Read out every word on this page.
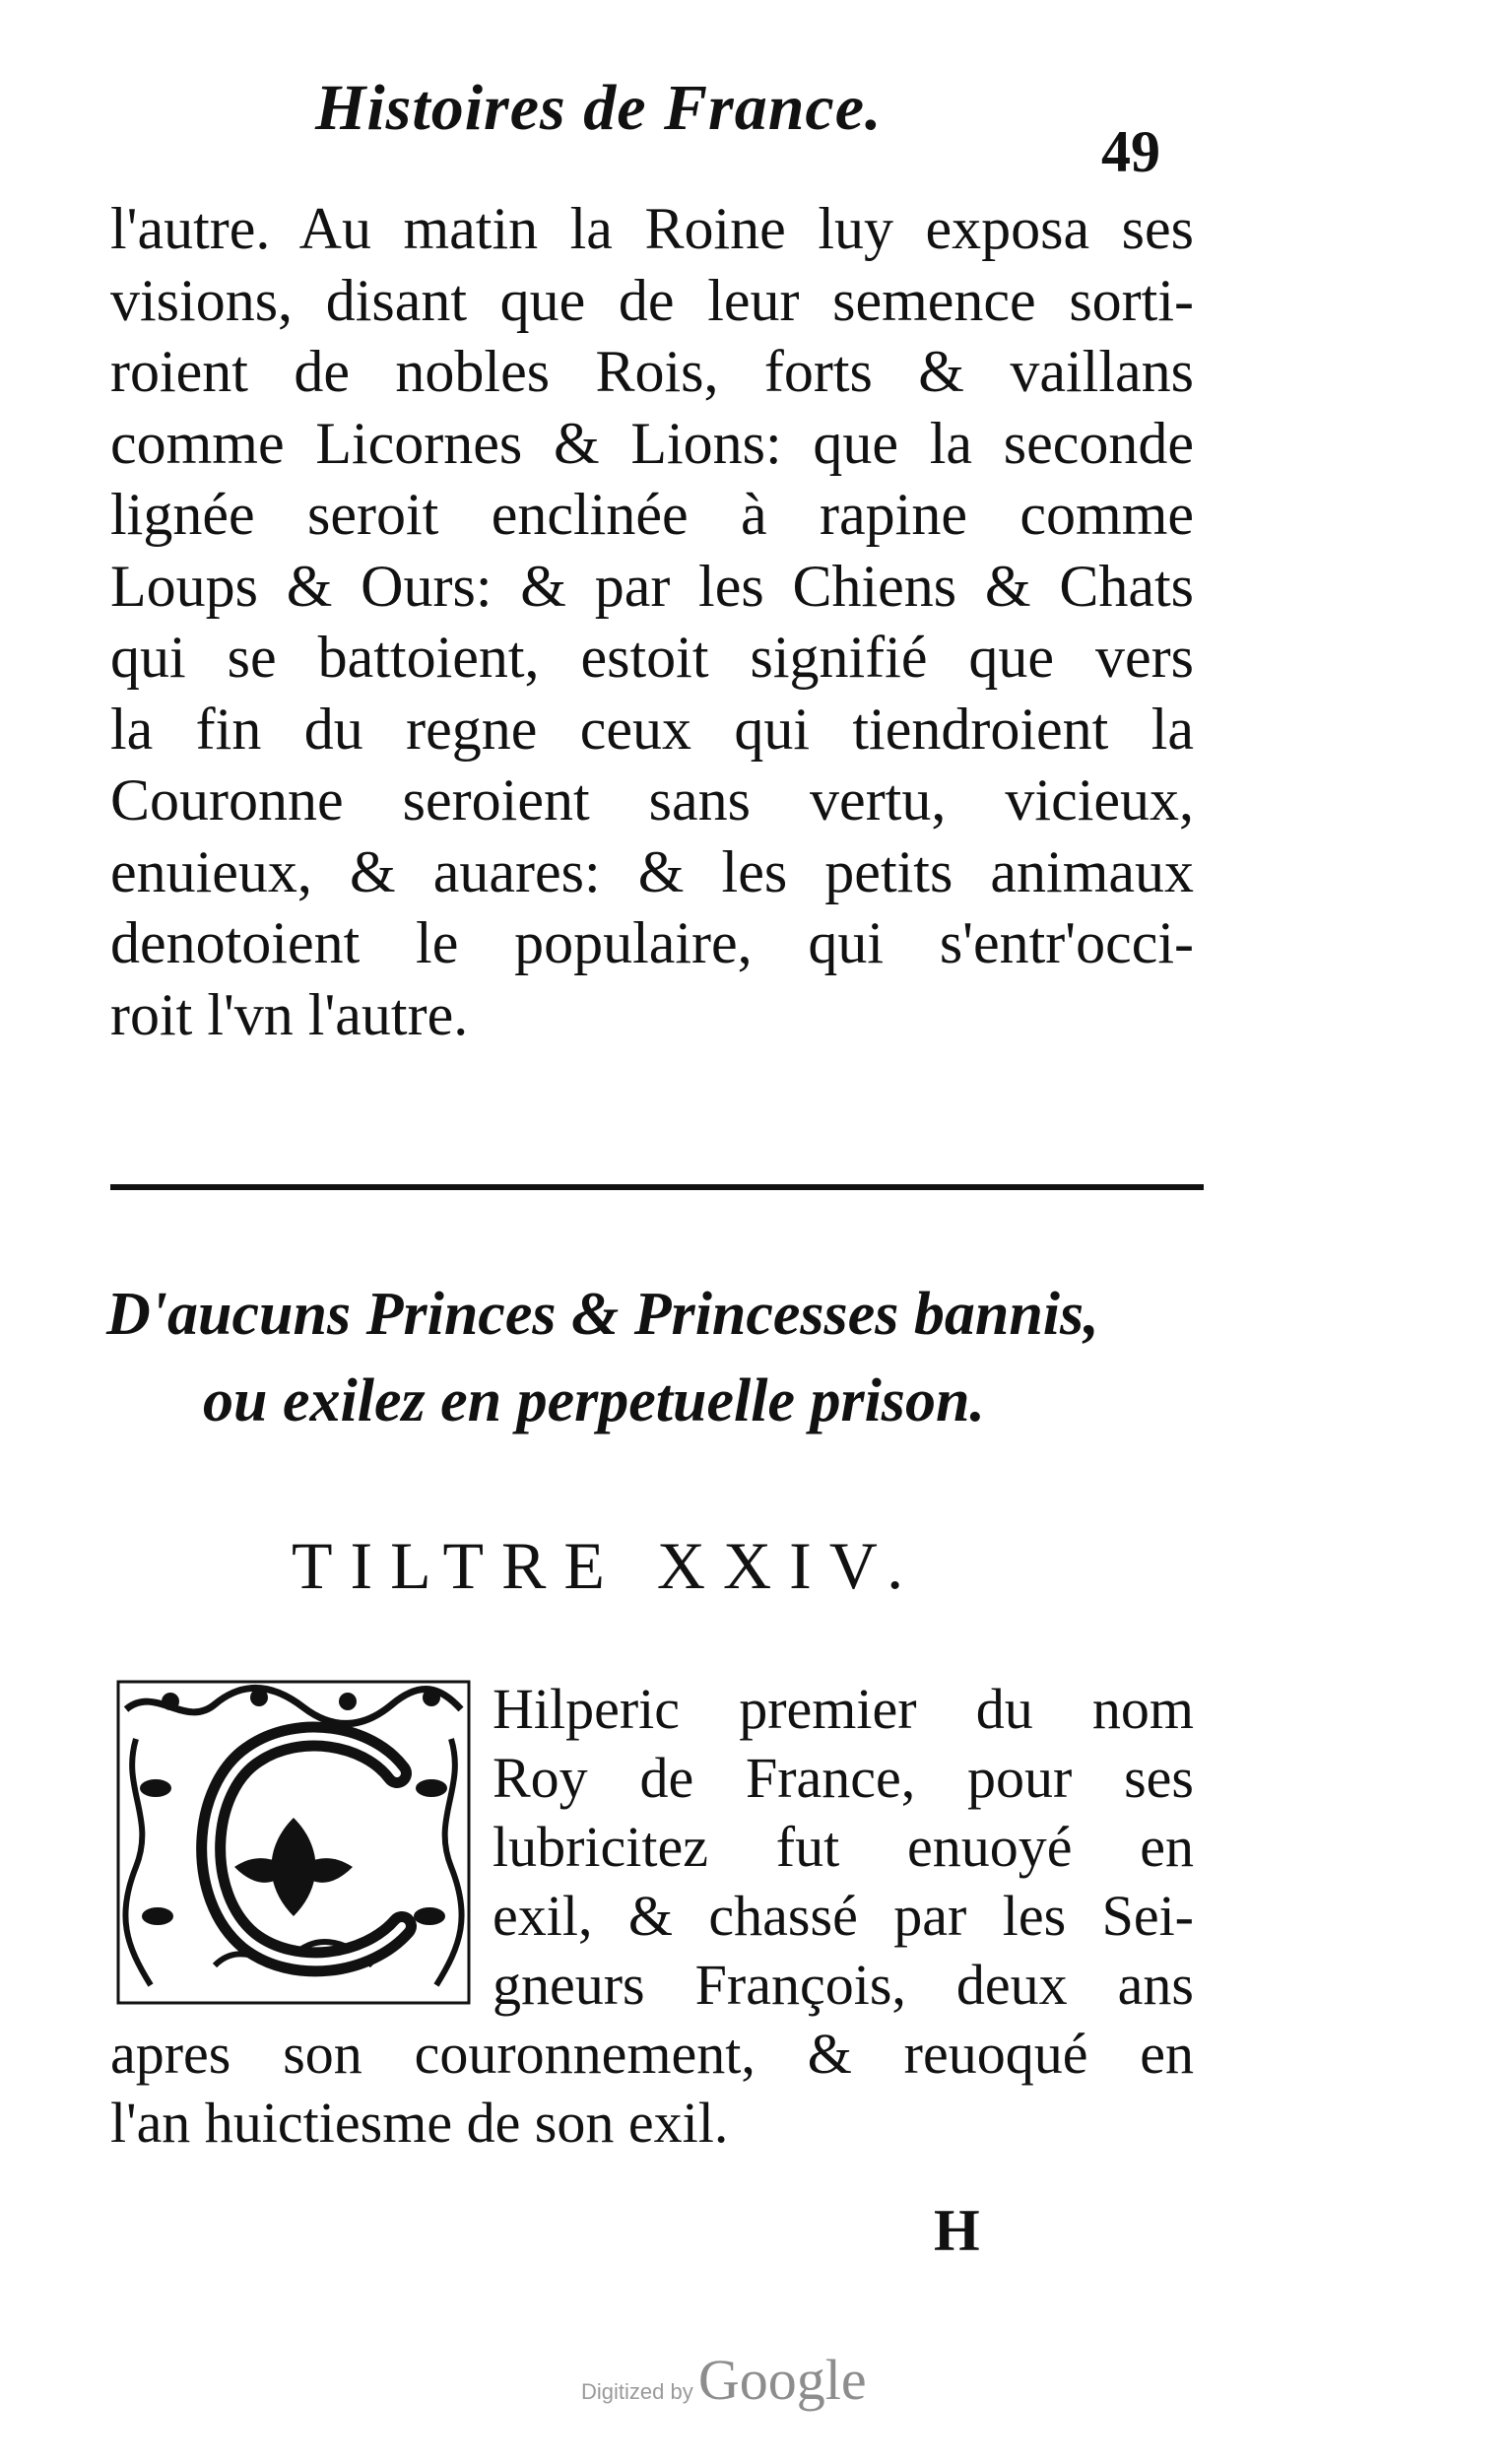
Histoires de France.
49
l'autre. Au matin la Roine luy exposa ses
visions, disant que de leur semence sorti-
roient de nobles Rois, forts & vaillans
comme Licornes & Lions: que la seconde
lignée seroit enclinée à rapine comme
Loups & Ours: & par les Chiens & Chats
qui se battoient, estoit signifié que vers
la fin du regne ceux qui tiendroient la
Couronne seroient sans vertu, vicieux,
enuieux, & auares: & les petits animaux
denotoient le populaire, qui s'entr'occi-
roit l'vn l'autre.
D'aucuns Princes & Princesses bannis,
ou exilez en perpetuelle prison.
TILTRE XXIV.
Hilperic premier du nom
Roy de France, pour ses
lubricitez fut enuoyé en
exil, & chassé par les Sei-
gneurs François, deux ans
apres son couronnement, & reuoqué en
l'an huictiesme de son exil.
H
Digitized by Google
